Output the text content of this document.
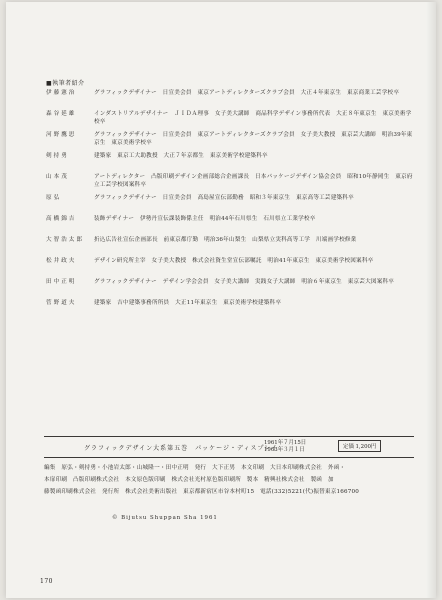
■執筆者紹介
伊藤憲治	グラフィックデザイナー　日宣美会員　東京アートディレクターズクラブ会員　大正４年東京生　東京商業工芸学校卒
森谷延雄	インダストリアルデザイナー　ＪＩＤＡ理事　女子美大講師　商品科学デザイン事務所代表　大正８年東京生　東京美術学校卒
河野鷹思	グラフィックデザイナー　日宣美会員　東京アートディレクターズクラブ会員　女子美大教授　東京芸大講師　明治39年東京生　東京美術学校卒
剣持勇	建築家　東京工大助教授　大正７年京都生　東京美術学校建築科卒
山本茂	アートディレクター　凸版印刷デザイン企画部総合企画課長　日本パッケージデザイン協会会員　昭和10年静岡生　東京府立工芸学校図案科卒
原弘	グラフィックデザイナー　日宣美会員　高島屋宣伝部勤務　昭和３年東京生　東京高等工芸建築科卒
高橋錦吉	装飾デザイナー　伊勢丹宣伝課装飾係主任　明治44年石川県生　石川県立工業学校卒
大智浩太郎	折込広告社宣伝企画部長　前東京都庁勤　明治36年山梨生　山梨県立実科高等工学　川端画学校修業
松井政夫	デザイン研究所主宰　女子美大教授　株式会社資生堂宣伝部嘱託　明治41年東京生　東京美術学校図案科卒
田中正明	グラフィックデザイナー　デザイン学会会員　女子美大講師　実践女子大講師　明治６年東京生　東京芸大図案科卒
菅野道夫	建築家　吉中建築事務所所員　大正11年東京生　東京美術学校建築科卒
グラフィックデザイン大系第五巻　パッケージ・ディスプレイ
1961年７月15日
1963年３月１日	定価 1,200円
編集　原弘・剣持勇・小池岩太郎・山城隆一・田中正明　発行　大下正男　本文印刷　大日本印刷株式会社　外函・
本扉印刷　凸版印刷株式会社　本文原色版印刷　株式会社光村原色版印刷所　製本　精興社株式会社　製函　加
藤製函印刷株式会社　発行所　株式会社美術出版社　東京都新宿区市谷本村町15　電話(332)5221(代)振替東京166700
© Bijutsu Shuppan Sha 1961
170
